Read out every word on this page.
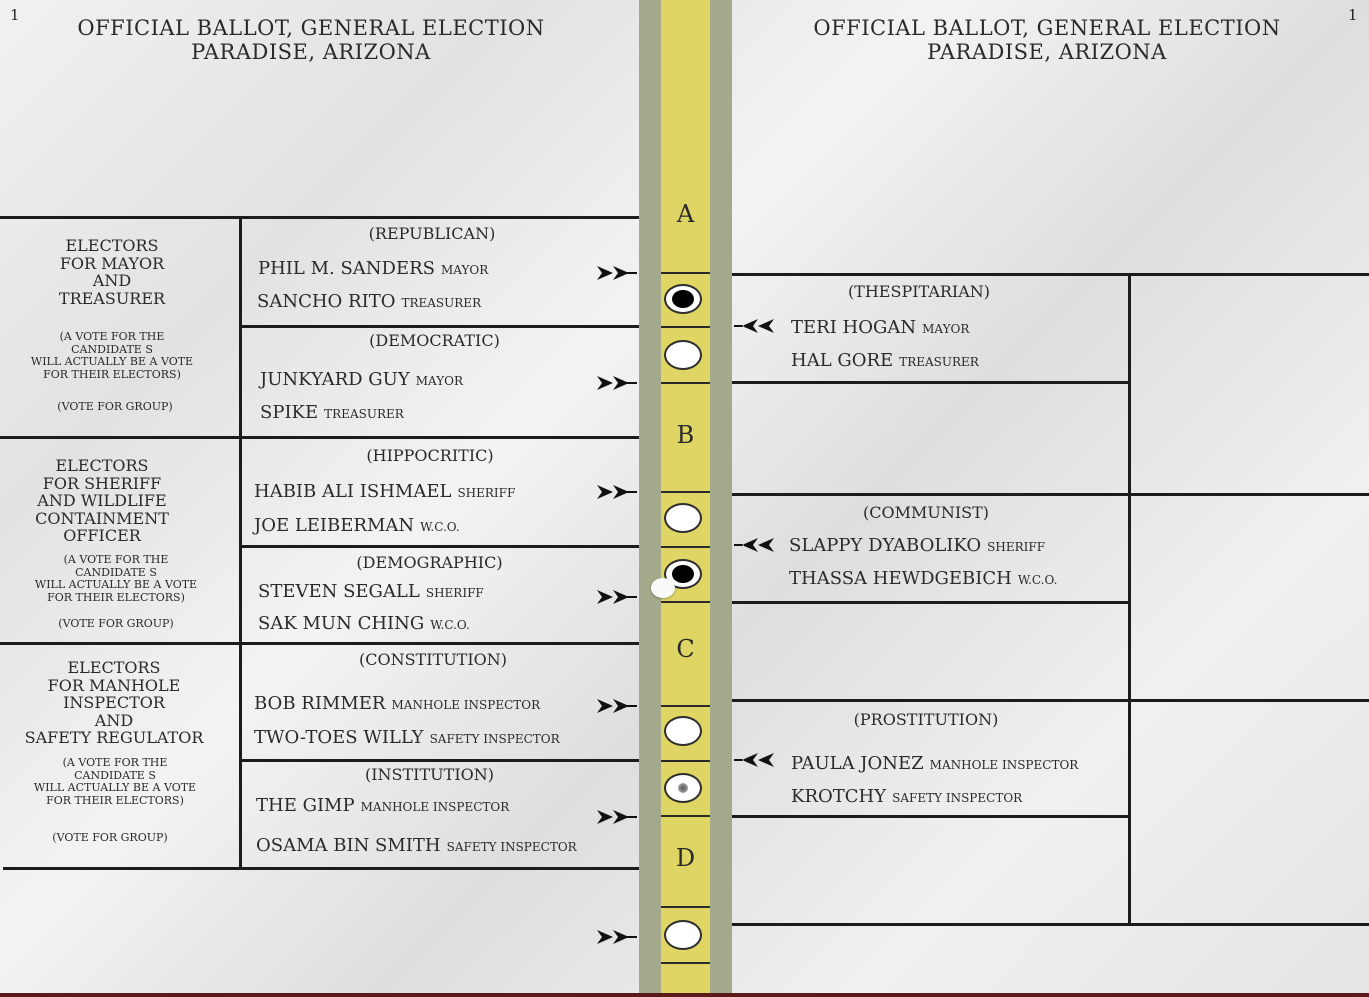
1	1
OFFICIAL BALLOT, GENERAL ELECTION
PARADISE, ARIZONA
OFFICIAL BALLOT, GENERAL ELECTION
PARADISE, ARIZONA
ELECTORS
FOR MAYOR
AND
TREASURER
(A VOTE FOR THE
CANDIDATE S
WILL ACTUALLY BE A VOTE
FOR THEIR ELECTORS)
(VOTE FOR GROUP)
ELECTORS
FOR SHERIFF
AND WILDLIFE
CONTAINMENT
OFFICER
(A VOTE FOR THE
CANDIDATE S
WILL ACTUALLY BE A VOTE
FOR THEIR ELECTORS)
(VOTE FOR GROUP)
ELECTORS
FOR MANHOLE
INSPECTOR
AND
SAFETY REGULATOR
(A VOTE FOR THE
CANDIDATE S
WILL ACTUALLY BE A VOTE
FOR THEIR ELECTORS)
(VOTE FOR GROUP)
(REPUBLICAN)
PHIL M. SANDERS MAYOR
SANCHO RITO TREASURER
(DEMOCRATIC)
JUNKYARD GUY MAYOR
SPIKE TREASURER
(HIPPOCRITIC)
HABIB ALI ISHMAEL SHERIFF
JOE LEIBERMAN W.C.O.
(DEMOGRAPHIC)
STEVEN SEGALL SHERIFF
SAK MUN CHING W.C.O.
(CONSTITUTION)
BOB RIMMER MANHOLE INSPECTOR
TWO-TOES WILLY SAFETY INSPECTOR
(INSTITUTION)
THE GIMP MANHOLE INSPECTOR
OSAMA BIN SMITH SAFETY INSPECTOR
(THESPITARIAN)
TERI HOGAN MAYOR
HAL GORE TREASURER
(COMMUNIST)
SLAPPY DYABOLIKO SHERIFF
THASSA HEWDGEBICH W.C.O.
(PROSTITUTION)
PAULA JONEZ MANHOLE INSPECTOR
KROTCHY SAFETY INSPECTOR
A
B
C
D
